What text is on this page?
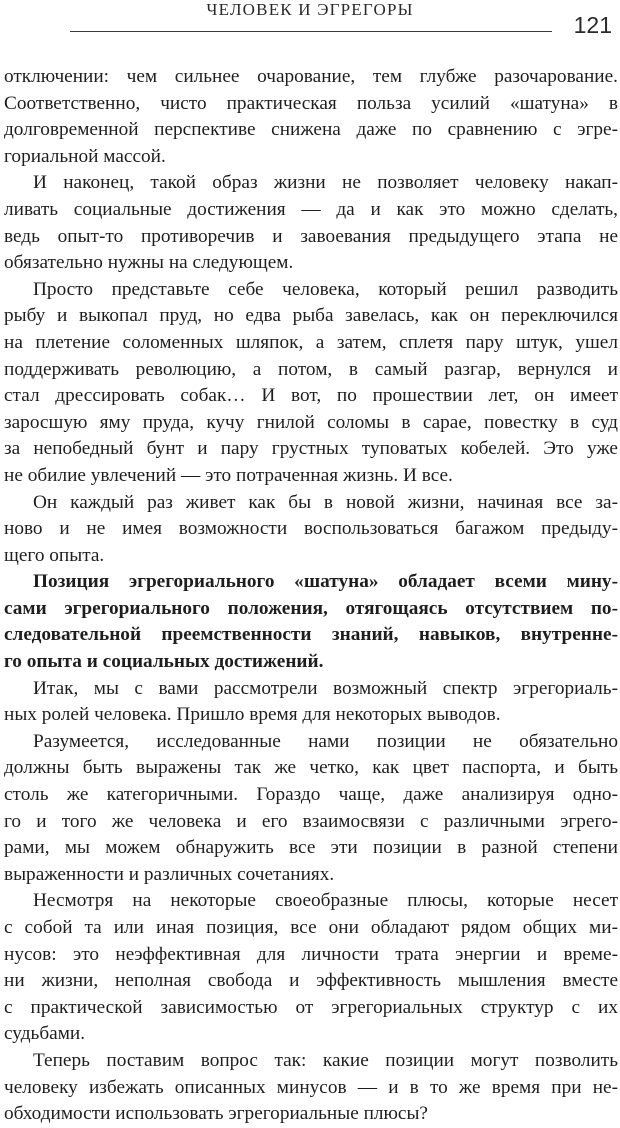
ЧЕЛОВЕК И ЭГРЕГОРЫ
121
отключении: чем сильнее очарование, тем глубже разочарование.
Соответственно, чисто практическая польза усилий «шатуна» в
долговременной перспективе снижена даже по сравнению с эгре-
гориальной массой.
И наконец, такой образ жизни не позволяет человеку накап-
ливать социальные достижения — да и как это можно сделать,
ведь опыт-то противоречив и завоевания предыдущего этапа не
обязательно нужны на следующем.
Просто представьте себе человека, который решил разводить
рыбу и выкопал пруд, но едва рыба завелась, как он переключился
на плетение соломенных шляпок, а затем, сплетя пару штук, ушел
поддерживать революцию, а потом, в самый разгар, вернулся и
стал дрессировать собак… И вот, по прошествии лет, он имеет
заросшую яму пруда, кучу гнилой соломы в сарае, повестку в суд
за непобедный бунт и пару грустных туповатых кобелей. Это уже
не обилие увлечений — это потраченная жизнь. И все.
Он каждый раз живет как бы в новой жизни, начиная все за-
ново и не имея возможности воспользоваться багажом предыду-
щего опыта.
Позиция эгрегориального «шатуна» обладает всеми мину-
сами эгрегориального положения, отягощаясь отсутствием по-
следовательной преемственности знаний, навыков, внутренне-
го опыта и социальных достижений.
Итак, мы с вами рассмотрели возможный спектр эгрегориаль-
ных ролей человека. Пришло время для некоторых выводов.
Разумеется, исследованные нами позиции не обязательно
должны быть выражены так же четко, как цвет паспорта, и быть
столь же категоричными. Гораздо чаще, даже анализируя одно-
го и того же человека и его взаимосвязи с различными эгрего-
рами, мы можем обнаружить все эти позиции в разной степени
выраженности и различных сочетаниях.
Несмотря на некоторые своеобразные плюсы, которые несет
с собой та или иная позиция, все они обладают рядом общих ми-
нусов: это неэффективная для личности трата энергии и време-
ни жизни, неполная свобода и эффективность мышления вместе
с практической зависимостью от эгрегориальных структур с их
судьбами.
Теперь поставим вопрос так: какие позиции могут позволить
человеку избежать описанных минусов — и в то же время при не-
обходимости использовать эгрегориальные плюсы?
